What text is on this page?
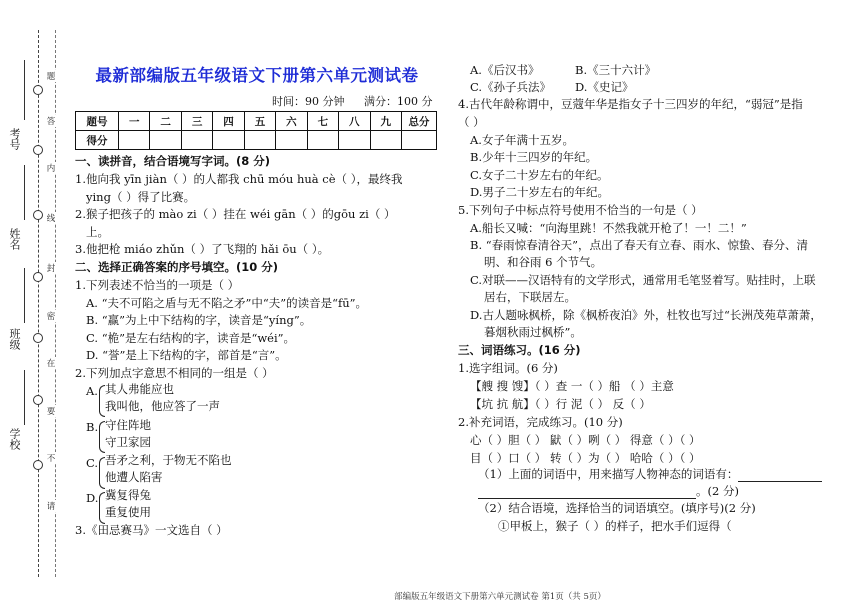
题
答
内
线
封
密
在
要
不
请
考号
姓名
班级
学校
最新部编版五年级语文下册第六单元测试卷
时间：90 分钟 满分：100 分
题号	一	二	三	四	五	六	七	八	九	总分
得分										
一、读拼音，结合语境写字词。(8 分)
1.他向我 yīn jiàn（ ）的人都我 chū móu huà cè（ ），最终我
ying（ ）得了比赛。
2.猴子把孩子的 mào zi（ ）挂在 wéi gān（ ）的gōu zi（ ）
上。
3.他把枪 miáo zhǔn（ ）了飞翔的 hǎi ōu（ ）。
二、选择正确答案的序号填空。(10 分)
1.下列表述不恰当的一项是（ ）
A. “夫不可陷之盾与无不陷之矛”中“夫”的读音是“fū”。
B. “赢”为上中下结构的字，读音是“yíng”。
C. “桅”是左右结构的字，读音是“wéi”。
D. “誉”是上下结构的字，部首是“言”。
2.下列加点字意思不相同的一组是（ ）
A. 其人弗能应也
我叫他，他应答了一声
B. 守住阵地
守卫家园
C. 吾矛之利，于物无不陷也
他遭人陷害
D. 冀复得兔
重复使用
3.《田忌赛马》一文选自（ ）
A.《后汉书》	B.《三十六计》
C.《孙子兵法》 D.《史记》
4.古代年龄称谓中，豆蔻年华是指女子十三四岁的年纪，“弱冠”是指
（ ）
A.女子年满十五岁。
B.少年十三四岁的年纪。
C.女子二十岁左右的年纪。
D.男子二十岁左右的年纪。
5.下列句子中标点符号使用不恰当的一句是（ ）
A.船长又喊：“向海里跳！不然我就开枪了！一！二！”
B. “春雨惊春清谷天”，点出了春天有立春、雨水、惊蛰、春分、清
明、和谷雨 6 个节气。
C.对联——汉语特有的文学形式，通常用毛笔竖着写。贴挂时，上联
居右，下联居左。
D.古人题咏枫桥，除《枫桥夜泊》外，杜牧也写过“长洲茂苑草萧萧，
暮烟秋雨过枫桥”。
三、词语练习。(16 分)
1.选字组词。(6 分)
【艘 搜 馊】（ ）查 一（ ）船 （ ）主意
【坑 抗 航】（ ）行 泥（ ） 反（ ）
2.补充词语，完成练习。(10 分)
心（ ）胆（ ） 鼣（ ）咧（ ） 得意（ ）（ ）
目（ ）口（ ） 转（ ）为（ ） 哈哈（ ）（ ）
（1）上面的词语中，用来描写人物神态的词语有：
。(2 分)
（2）结合语境，选择恰当的词语填空。(填序号)(2 分)
①甲板上，猴子（ ）的样子，把水手们逗得（
部编版五年级语文下册第六单元测试卷 第1页（共 5页）
